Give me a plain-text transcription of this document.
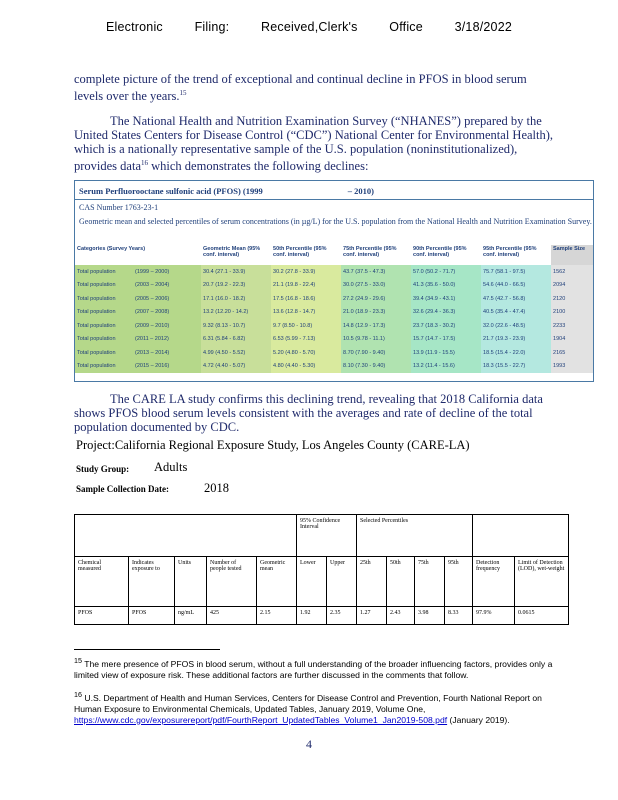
Electronic	Filing:	Received,Clerk's	Office	3/18/2022
complete picture of the trend of exceptional and continual decline in PFOS in blood serum levels over the years.$^{15}$
The National Health and Nutrition Examination Survey (“NHANES”) prepared by the United States Centers for Disease Control (“CDC”) National Center for Environmental Health), which is a nationally representative sample of the U.S. population (noninstitutionalized), provides data$^{16}$ which demonstrates the following declines:
Serum Perfluorooctane sulfonic acid (PFOS) (1999	– 2010)
CAS Number 1763-23-1
Geometric mean and selected percentiles of serum concentrations (in µg/L) for the U.S. population from the National Health and Nutrition Examination Survey.
Categories (Survey Years)		Geometric Mean (95% conf. interval)	50th Percentile (95% conf. interval)	75th Percentile (95% conf. interval)	90th Percentile (95% conf. interval)	95th Percentile (95% conf. interval)	Sample Size
Total population	(1999 – 2000)	30.4 (27.1 - 33.9)	30.2 (27.8 - 33.9)	43.7 (37.5 - 47.3)	57.0 (50.2 - 71.7)	75.7 (58.1 - 97.5)	1562
Total population	(2003 – 2004)	20.7 (19.2 - 22.3)	21.1 (19.8 - 22.4)	30.0 (27.5 - 33.0)	41.3 (35.6 - 50.0)	54.6 (44.0 - 66.5)	2094
Total population	(2005 – 2006)	17.1 (16.0 - 18.2)	17.5 (16.8 - 18.6)	27.2 (24.9 - 29.6)	39.4 (34.9 - 43.1)	47.5 (42.7 - 56.8)	2120
Total population	(2007 – 2008)	13.2 (12.20 - 14.2)	13.6 (12.8 - 14.7)	21.0 (18.9 - 23.3)	32.6 (29.4 - 36.3)	40.5 (35.4 - 47.4)	2100
Total population	(2009 – 2010)	9.32 (8.13 - 10.7)	9.7 (8.50 - 10.8)	14.8 (12.9 - 17.3)	23.7 (18.3 - 30.2)	32.0 (22.6 - 48.5)	2233
Total population	(2011 – 2012)	6.31 (5.84 - 6.82)	6.53 (5.99 - 7.13)	10.5 (9.78 - 11.1)	15.7 (14.7 - 17.5)	21.7 (19.3 - 23.9)	1904
Total population	(2013 – 2014)	4.99 (4.50 - 5.52)	5.20 (4.80 - 5.70)	8.70 (7.90 - 9.40)	13.9 (11.9 - 15.5)	18.5 (15.4 - 22.0)	2165
Total population	(2015 – 2016)	4.72 (4.40 - 5.07)	4.80 (4.40 - 5.30)	8.10 (7.30 - 9.40)	13.2 (11.4 - 15.6)	18.3 (15.5 - 22.7)	1993
The CARE LA study confirms this declining trend, revealing that 2018 California data shows PFOS blood serum levels consistent with the averages and rate of decline of the total population documented by CDC.
Project:California Regional Exposure Study, Los Angeles County (CARE-LA)
Study Group: Adults
Sample Collection Date:	2018
					95% Confidence Interval		Selected Percentiles					
Chemical measured	Indicates exposure to	Units	Number of people tested	Geometric mean	Lower	Upper	25th	50th	75th	95th	Detection frequency	Limit of Detection (LOD), wet-weight
PFOS	PFOS	ng/mL	425	2.15	1.92	2.35	1.27	2.43	3.98	8.33	97.9%	0.0615
$^{15}$ The mere presence of PFOS in blood serum, without a full understanding of the broader influencing factors, provides only a limited view of exposure risk. These additional factors are further discussed in the comments that follow.
$^{16}$ U.S. Department of Health and Human Services, Centers for Disease Control and Prevention, Fourth National Report on Human Exposure to Environmental Chemicals, Updated Tables, January 2019, Volume One,
https://www.cdc.gov/exposurereport/pdf/FourthReport_UpdatedTables_Volume1_Jan2019-508.pdf (January 2019).
4
